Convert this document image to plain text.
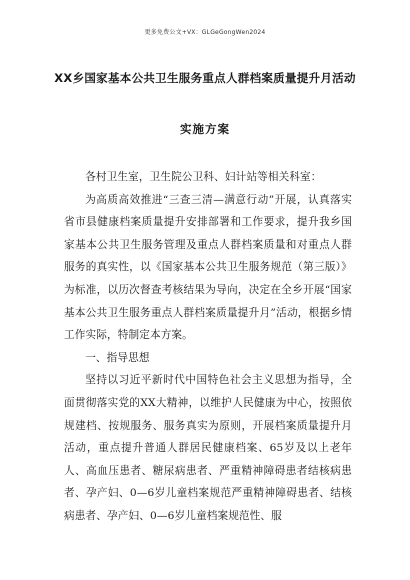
更多免费公文+VX：GLGeGongWen2024
XX乡国家基本公共卫生服务重点人群档案质量提升月活动
实施方案

各村卫生室，卫生院公卫科、妇计站等相关科室：

为高质高效推进“三查三清—满意行动”开展，认真落实省市县健康档案质量提升安排部署和工作要求，提升我乡国家基本公共卫生服务管理及重点人群档案质量和对重点人群服务的真实性，以《国家基本公共卫生服务规范（第三版）》为标准，以历次督查考核结果为导向，决定在全乡开展“国家基本公共卫生服务重点人群档案质量提升月”活动，根据乡情工作实际，特制定本方案。

一、指导思想

坚持以习近平新时代中国特色社会主义思想为指导，全面贯彻落实党的XX大精神，以维护人民健康为中心，按照依规建档、按规服务、服务真实为原则，开展档案质量提升月活动，重点提升普通人群居民健康档案、65岁及以上老年人、高血压患者、糖尿病患者、严重精神障碍患者结核病患者、孕产妇、0—6岁儿童档案规范严重精神障碍患者、结核病患者、孕产妇、0—6岁儿童档案规范性、服
